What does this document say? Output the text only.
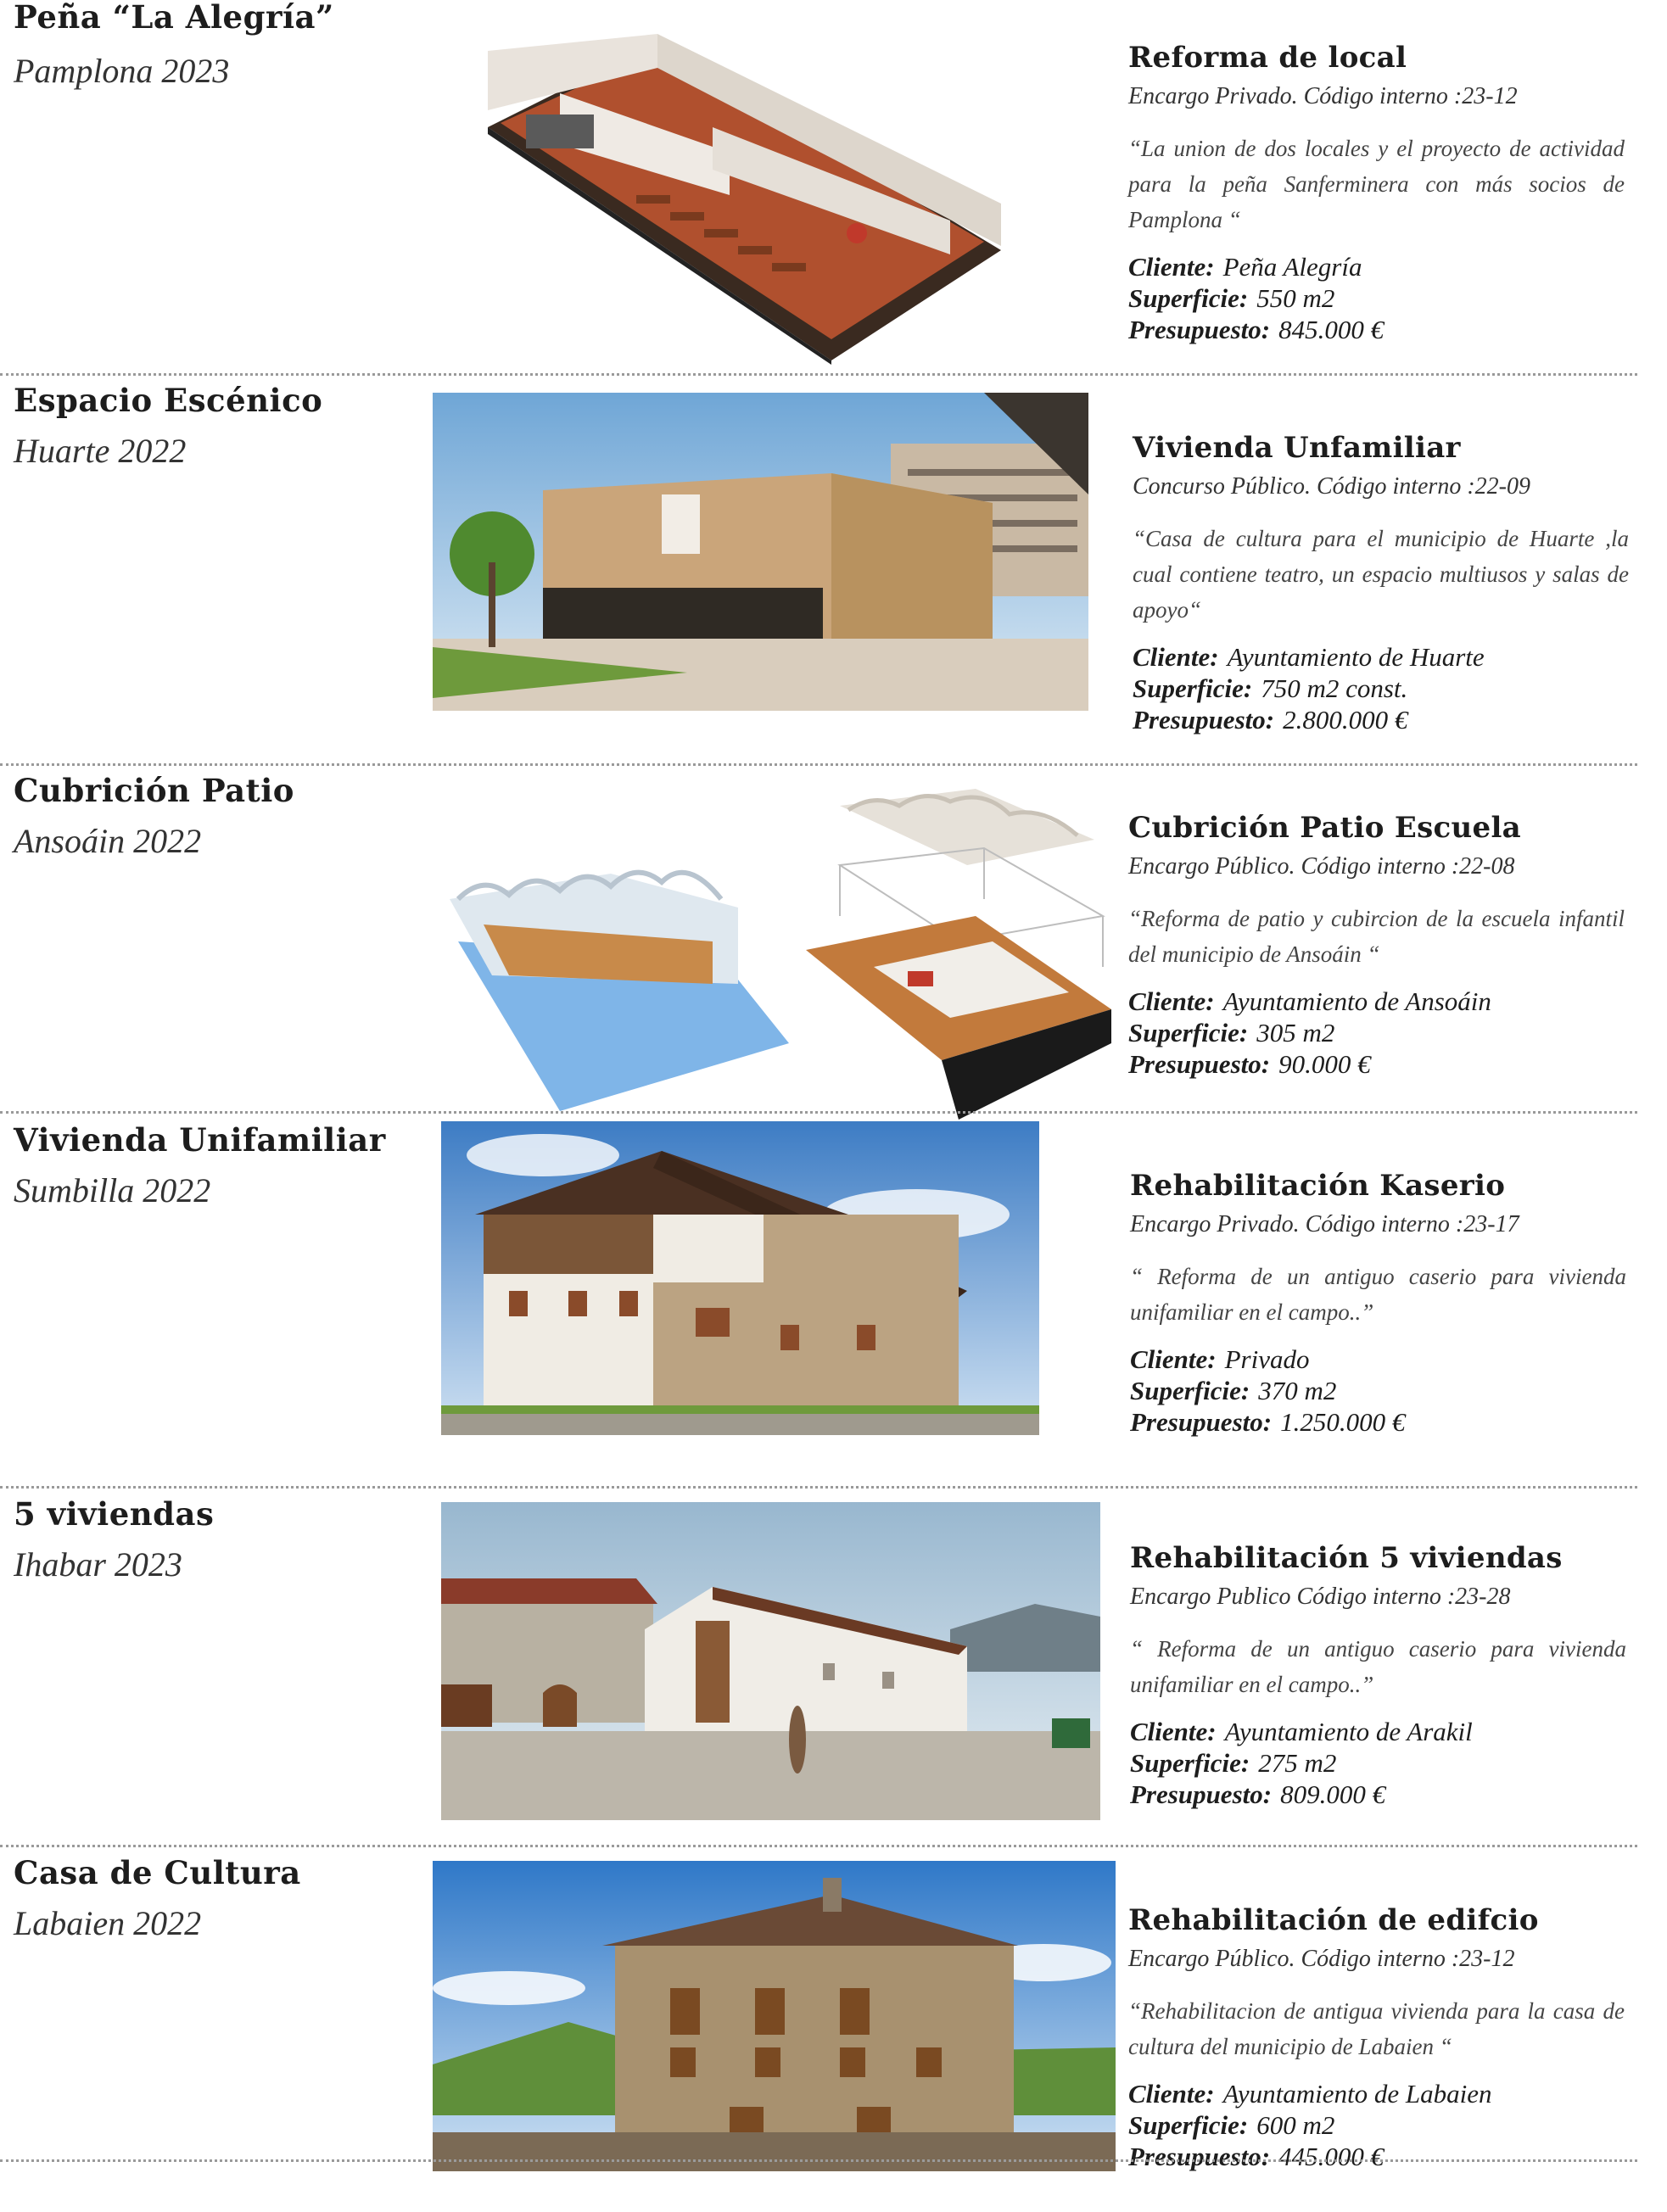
Peña “La Alegría”
Pamplona 2023	Reforma de local
Encargo Privado. Código interno :23-12
“La union de dos locales y el proyecto de actividad para la peña Sanferminera con más socios de Pamplona “
Cliente: Peña Alegría
Superficie: 550 m2
Presupuesto: 845.000 €
Espacio Escénico
Huarte 2022	Vivienda Unfamiliar
Concurso Público. Código interno :22-09
“Casa de cultura para el municipio de Huarte ,la cual contiene teatro, un espacio multiusos y salas de apoyo“
Cliente: Ayuntamiento de Huarte
Superficie: 750 m2 const.
Presupuesto: 2.800.000 €
Cubrición Patio
Ansoáin 2022	Cubrición Patio Escuela
Encargo Público. Código interno :22-08
“Reforma de patio y cubircion de la escuela infantil del municipio de Ansoáin “
Cliente: Ayuntamiento de Ansoáin
Superficie: 305 m2
Presupuesto: 90.000 €
Vivienda Unifamiliar
Sumbilla 2022	Rehabilitación Kaserio
Encargo Privado. Código interno :23-17
“ Reforma de un antiguo caserio para vivienda unifamiliar en el campo..”
Cliente: Privado
Superficie: 370 m2
Presupuesto: 1.250.000 €
5 viviendas
Ihabar 2023	Rehabilitación 5 viviendas
Encargo Publico Código interno :23-28
“ Reforma de un antiguo caserio para vivienda unifamiliar en el campo..”
Cliente: Ayuntamiento de Arakil
Superficie: 275 m2
Presupuesto: 809.000 €
Casa de Cultura
Labaien 2022	Rehabilitación de edifcio
Encargo Público. Código interno :23-12
“Rehabilitacion de antigua vivienda para la casa de cultura del municipio de Labaien “
Cliente: Ayuntamiento de Labaien
Superficie: 600 m2
Presupuesto: 445.000 €
